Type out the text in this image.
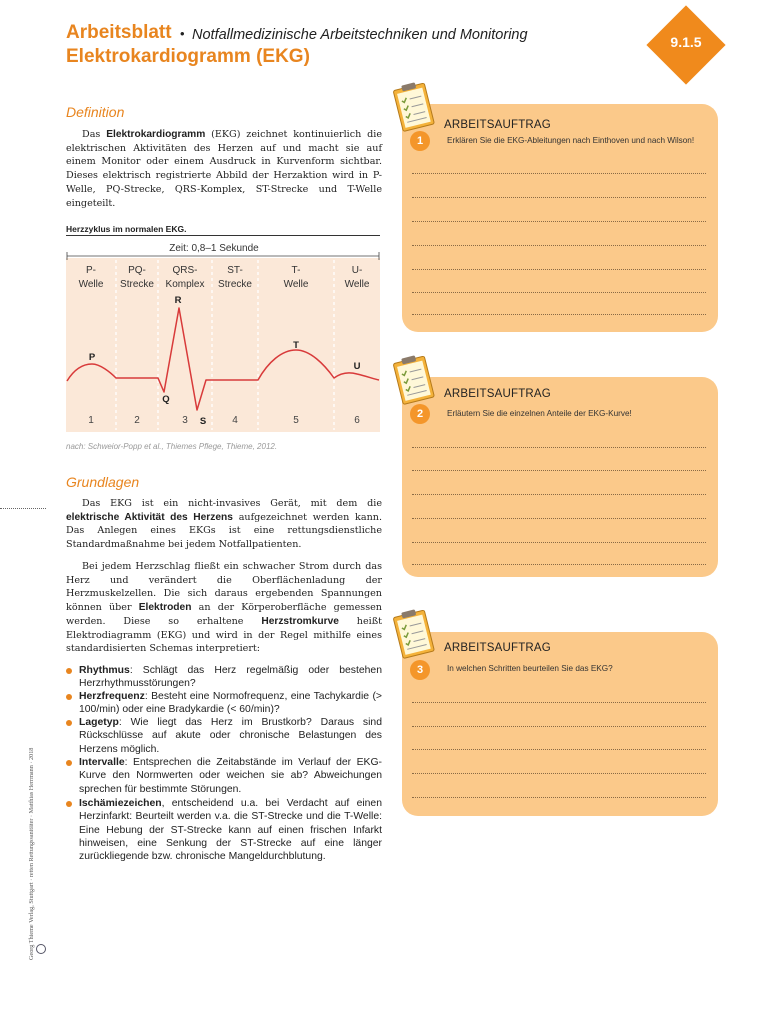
Arbeitsblatt • Notfallmedizinische Arbeitstechniken und Monitoring
Elektrokardiogramm (EKG)
9.1.5
Definition
Das Elektrokardiogramm (EKG) zeichnet kontinuierlich die elektrischen Aktivitäten des Herzen auf und macht sie auf einem Monitor oder einem Ausdruck in Kurvenform sichtbar. Dieses elektrisch registrierte Abbild der Herzaktion wird in P-Welle, PQ-Strecke, QRS-Komplex, ST-Strecke und T-Welle eingeteilt.
Herzzyklus im normalen EKG.
Zeit: 0,8–1 Sekunde
P-
Welle
PQ-
Strecke
QRS-
Komplex
ST-
Strecke
T-
Welle
U-
Welle
P
Q
R
S
T
U
1	2	3	4	5	6
nach: Schweior-Popp et al., Thiemes Pflege, Thieme, 2012.
Grundlagen
Das EKG ist ein nicht-invasives Gerät, mit dem die elektrische Aktivität des Herzens aufgezeichnet werden kann. Das Anlegen eines EKGs ist eine rettungsdienstliche Standardmaßnahme bei jedem Notfallpatienten.
Bei jedem Herzschlag fließt ein schwacher Strom durch das Herz und verändert die Oberflächenladung der Herzmuskelzellen. Die sich daraus ergebenden Spannungen können über Elektroden an der Körperoberfläche gemessen werden. Diese so erhaltene Herzstromkurve heißt Elektrodiagramm (EKG) und wird in der Regel mithilfe eines standardisierten Schemas interpretiert:
Rhythmus: Schlägt das Herz regelmäßig oder bestehen Herzrhythmusstörungen?
Herzfrequenz: Besteht eine Normofrequenz, eine Tachykardie (> 100/min) oder eine Bradykardie (< 60/min)?
Lagetyp: Wie liegt das Herz im Brustkorb? Daraus sind Rückschlüsse auf akute oder chronische Belastungen des Herzens möglich.
Intervalle: Entsprechen die Zeitabstände im Verlauf der EKG-Kurve den Normwerten oder weichen sie ab? Abweichungen sprechen für bestimmte Störungen.
Ischämiezeichen, entscheidend u.a. bei Verdacht auf einen Herzinfarkt: Beurteilt werden v.a. die ST-Strecke und die T-Welle: Eine Hebung der ST-Strecke kann auf einen frischen Infarkt hinweisen, eine Senkung der ST-Strecke auf eine länger zurückliegende bzw. chronische Mangeldurchblutung.
Georg Thieme Verlag, Stuttgart · retten Rettungssanitäter · Matthias Herrmann · 2018
ARBEITSAUFTRAG
1	Erklären Sie die EKG-Ableitungen nach Einthoven und nach Wilson!
ARBEITSAUFTRAG
2	Erläutern Sie die einzelnen Anteile der EKG-Kurve!
ARBEITSAUFTRAG
3	In welchen Schritten beurteilen Sie das EKG?
